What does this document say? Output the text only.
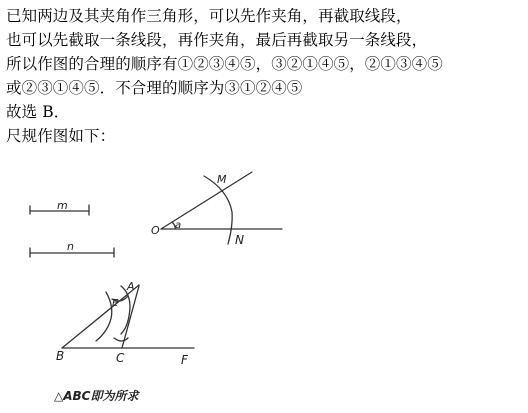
已知两边及其夹角作三角形，可以先作夹角，再截取线段，
也可以先截取一条线段，再作夹角，最后再截取另一条线段，
所以作图的合理的顺序有①②③④⑤，③②①④⑤，②①③④⑤
或②③①④⑤．不合理的顺序为③①②④⑤
故选 B．
尺规作图如下：
m
n
O a
M
N
B	C
A
E
F
△ABC即为所求
